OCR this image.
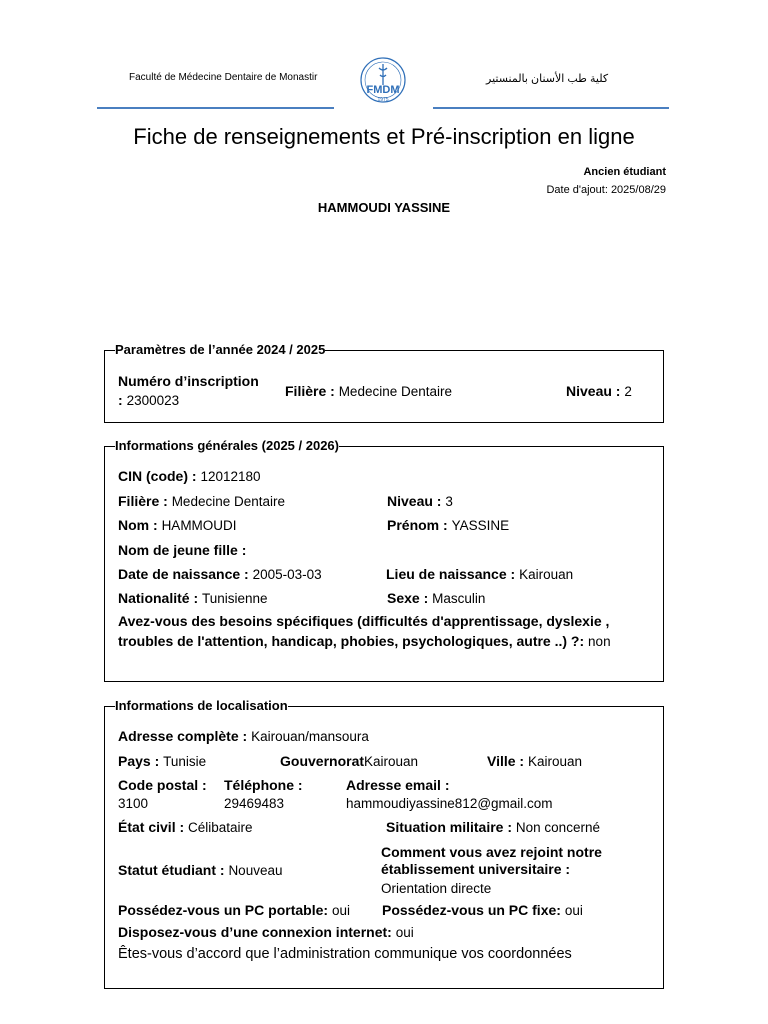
Faculté de Médecine Dentaire de Monastir
FMDM
1975
كلية طب الأسنان بالمنستير
Fiche de renseignements et Pré-inscription en ligne
Ancien étudiant
Date d'ajout: 2025/08/29
HAMMOUDI YASSINE
Paramètres de l’année 2024 / 2025
Numéro d’inscription
: 2300023
Filière : Medecine Dentaire	Niveau : 2
Informations générales (2025 / 2026)
CIN (code) : 12012180
Filière : Medecine Dentaire	Niveau : 3
Nom : HAMMOUDI	Prénom : YASSINE
Nom de jeune fille :
Date de naissance : 2005-03-03	Lieu de naissance : Kairouan
Nationalité : Tunisienne	Sexe : Masculin
Avez-vous des besoins spécifiques (difficultés d'apprentissage, dyslexie , troubles de l'attention, handicap, phobies, psychologiques, autre ..) ?: non
Informations de localisation
Adresse complète : Kairouan/mansoura
Pays : Tunisie	GouvernoratKairouan	Ville : Kairouan
Code postal :
3100
Téléphone :
29469483
Adresse email :
hammoudiyassine812@gmail.com
État civil : Célibataire	Situation militaire : Non concerné
Statut étudiant : Nouveau
Comment vous avez rejoint notre établissement universitaire :
Orientation directe
Possédez-vous un PC portable: oui Possédez-vous un PC fixe: oui
Disposez-vous d’une connexion internet: oui
Êtes-vous d’accord que l’administration communique vos coordonnées
